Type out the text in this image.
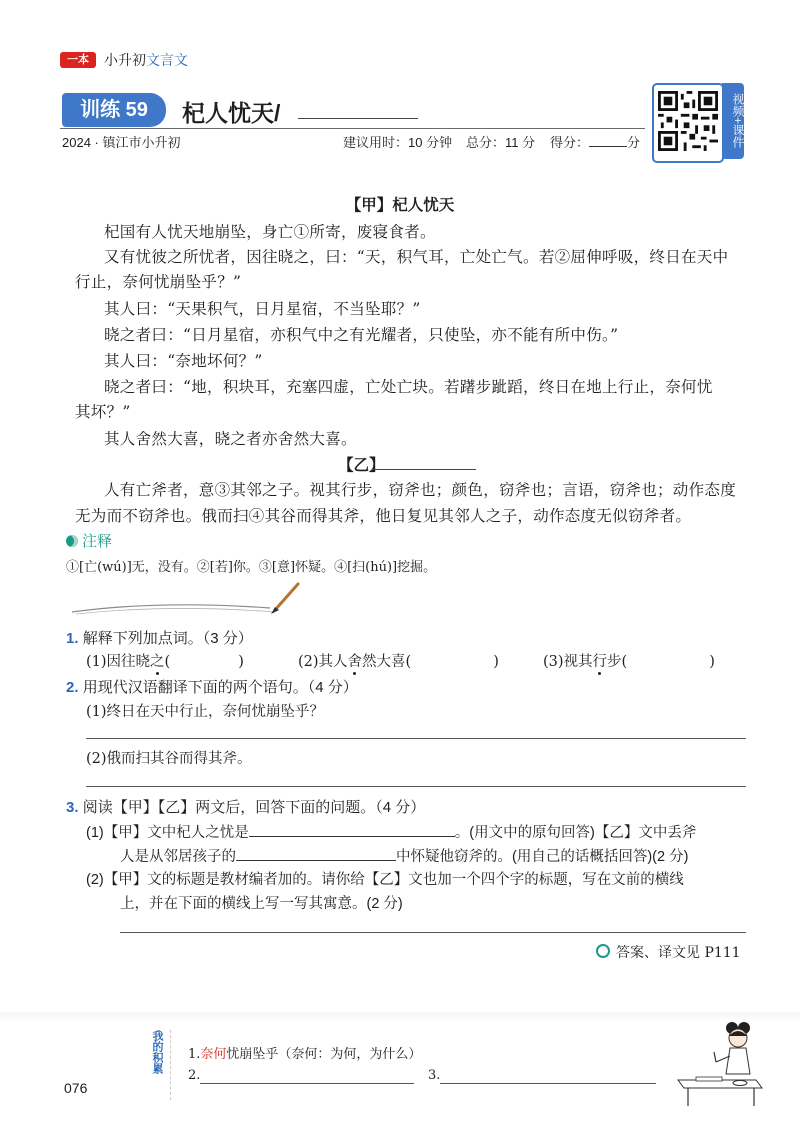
一本	小升初文言文
训练 59	杞人忧天/
2024 · 镇江市小升初	建议用时：10 分钟 总分：11 分 得分：	分	视频+课件
【甲】杞人忧天
杞国有人忧天地崩坠，身亡①所寄，废寝食者。
又有忧彼之所忧者，因往晓之，曰：“天，积气耳，亡处亡气。若②屈伸呼吸，终日在天中
行止，奈何忧崩坠乎？”
其人曰：“天果积气，日月星宿，不当坠耶？”
晓之者曰：“日月星宿，亦积气中之有光耀者，只使坠，亦不能有所中伤。”
其人曰：“奈地坏何？”
晓之者曰：“地，积块耳，充塞四虚，亡处亡块。若躇步跐蹈，终日在地上行止，奈何忧
其坏？”
其人舍然大喜，晓之者亦舍然大喜。
【乙】
人有亡斧者，意③其邻之子。视其行步，窃斧也；颜色，窃斧也；言语，窃斧也；动作态度
无为而不窃斧也。俄而扫④其谷而得其斧，他日复见其邻人之子，动作态度无似窃斧者。
注释
①[亡(wú)]无，没有。②[若]你。③[意]怀疑。④[扫(hú)]挖掘。
1. 解释下列加点词。（3 分）
(1)因往晓之(	)	(2)其人舍然大喜(	)	(3)视其行步(	)
2. 用现代汉语翻译下面的两个语句。（4 分）
(1)终日在天中行止，奈何忧崩坠乎？
(2)俄而扫其谷而得其斧。
3. 阅读【甲】【乙】两文后，回答下面的问题。（4 分）
(1)【甲】文中杞人之忧是	。(用文中的原句回答)【乙】文中丢斧
人是从邻居孩子的	中怀疑他窃斧的。(用自己的话概括回答)(2 分)
(2)【甲】文的标题是教材编者加的。请你给【乙】文也加一个四个字的标题，写在文前的横线
上，并在下面的横线上写一写其寓意。(2 分)
答案、译文见 P111
076
我的积累 1.奈何忧崩坠乎（奈何：为何，为什么）
2.	3.
